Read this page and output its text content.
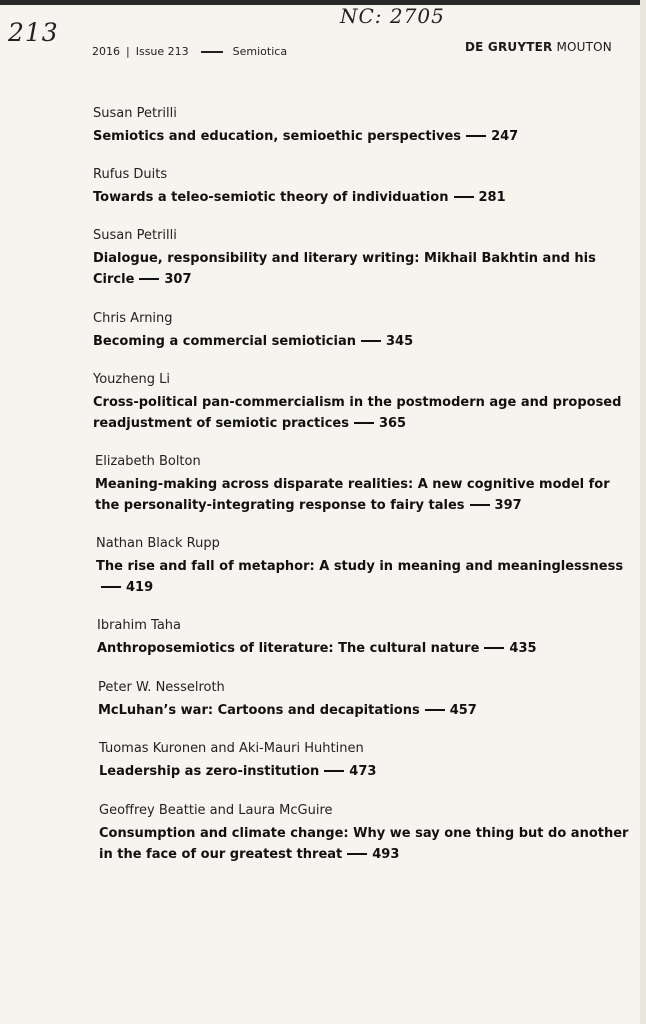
213
NC: 2705
2016 | Issue 213	Semiotica	DE GRUYTER MOUTON
Susan Petrilli
Semiotics and education, semioethic perspectives 247
Rufus Duits
Towards a teleo-semiotic theory of individuation 281
Susan Petrilli
Dialogue, responsibility and literary writing: Mikhail Bakhtin and his Circle 307
Chris Arning
Becoming a commercial semiotician 345
Youzheng Li
Cross-political pan-commercialism in the postmodern age and proposed readjustment of semiotic practices 365
Elizabeth Bolton
Meaning-making across disparate realities: A new cognitive model for the personality-integrating response to fairy tales 397
Nathan Black Rupp
The rise and fall of metaphor: A study in meaning and meaninglessness419
Ibrahim Taha
Anthroposemiotics of literature: The cultural nature 435
Peter W. Nesselroth
McLuhan’s war: Cartoons and decapitations 457
Tuomas Kuronen and Aki-Mauri Huhtinen
Leadership as zero-institution 473
Geoffrey Beattie and Laura McGuire
Consumption and climate change: Why we say one thing but do another in the face of our greatest threat 493
